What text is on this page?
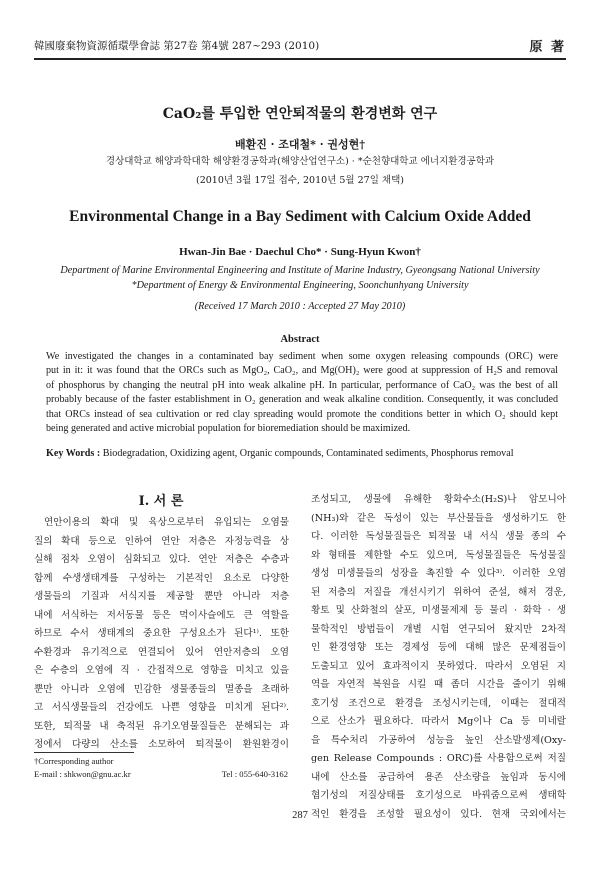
韓國廢棄物資源循環學會誌 第27卷 第4號 287~293 (2010)	原 著
CaO₂를 투입한 연안퇴적물의 환경변화 연구
배환진 · 조대철* · 권성현†
경상대학교 해양과학대학 해양환경공학과(해양산업연구소) · *순천향대학교 에너지환경공학과
(2010년 3월 17일 접수, 2010년 5월 27일 채택)
Environmental Change in a Bay Sediment with Calcium Oxide Added
Hwan-Jin Bae · Daechul Cho* · Sung-Hyun Kwon†
Department of Marine Environmental Engineering and Institute of Marine Industry, Gyeongsang National University
*Department of Energy & Environmental Engineering, Soonchunhyang University
(Received 17 March 2010 : Accepted 27 May 2010)
Abstract
We investigated the changes in a contaminated bay sediment when some oxygen releasing compounds (ORC) were
put in it: it was found that the ORCs such as MgO₂, CaO₂, and Mg(OH)₂ were good at suppression of H₂S and removal
of phosphorus by changing the neutral pH into weak alkaline pH. In particular, performance of CaO₂ was the best of all
probably because of the faster establishment in O₂ generation and weak alkaline condition. Consequently, it was concluded
that ORCs instead of sea cultivation or red clay spreading would promote the conditions better in which O₂ should kept
being generated and active microbial population for bioremediation should be maximized.
Key Words : Biodegradation, Oxidizing agent, Organic compounds, Contaminated sediments, Phosphorus removal
I. 서 론
연안이용의 확대 및 육상으로부터 유입되는 오염물
질의 확대 등으로 인하여 연안 저층은 자정능력을 상
실해 점차 오염이 심화되고 있다. 연안 저층은 수층과
함께 수생생태계를 구성하는 기본적인 요소로 다양한
생물들의 기질과 서식지를 제공할 뿐만 아니라 저층
내에 서식하는 저서동물 등은 먹이사슬에도 큰 역할을
하므로 수서 생태계의 중요한 구성요소가 된다¹⁾. 또한
수환경과 유기적으로 연결되어 있어 연안저층의 오염
은 수층의 오염에 직 · 간접적으로 영향을 미치고 있을
뿐만 아니라 오염에 민감한 생물종들의 멸종을 초래하
고 서식생물들의 건강에도 나쁜 영향을 미치게 된다²⁾.
또한, 퇴적물 내 축적된 유기오염물질들은 분해되는 과
정에서 다량의 산소를 소모하여 퇴적물이 환원환경이
조성되고, 생물에 유해한 황화수소(H₂S)나 암모니아
(NH₃)와 같은 독성이 있는 부산물들을 생성하기도 한
다. 이러한 독성물질들은 퇴적물 내 서식 생물 종의 수
와 형태를 제한할 수도 있으며, 독성물질들은 독성물질
생성 미생물들의 성장을 촉진할 수 있다³⁾. 이러한 오염
된 저층의 저질을 개선시키기 위하여 준설, 해저 경운,
황토 및 산화철의 살포, 미생물제제 등 물리 · 화학 · 생
물학적인 방법들이 개별 시험 연구되어 왔지만 2차적
인 환경영향 또는 경제성 등에 대해 많은 문제점들이
도출되고 있어 효과적이지 못하였다. 따라서 오염된 지
역을 자연적 복원을 시킬 때 좀더 시간을 줄이기 위해
호기성 조건으로 환경을 조성시키는데, 이때는 절대적
으로 산소가 필요하다. 따라서 Mg이나 Ca 등 미네랄
을 특수처리 가공하여 성능을 높인 산소발생제(Oxy-
gen Release Compounds : ORC)를 사용함으로써 저질
내에 산소를 공급하여 용존 산소량을 높임과 동시에
혐기성의 저질상태를 호기성으로 바꿔줌으로써 생태학
적인 환경을 조성할 필요성이 있다. 현재 국외에서는
†Corresponding author
E-mail : shkwon@gnu.ac.kr	Tel : 055-640-3162
287
